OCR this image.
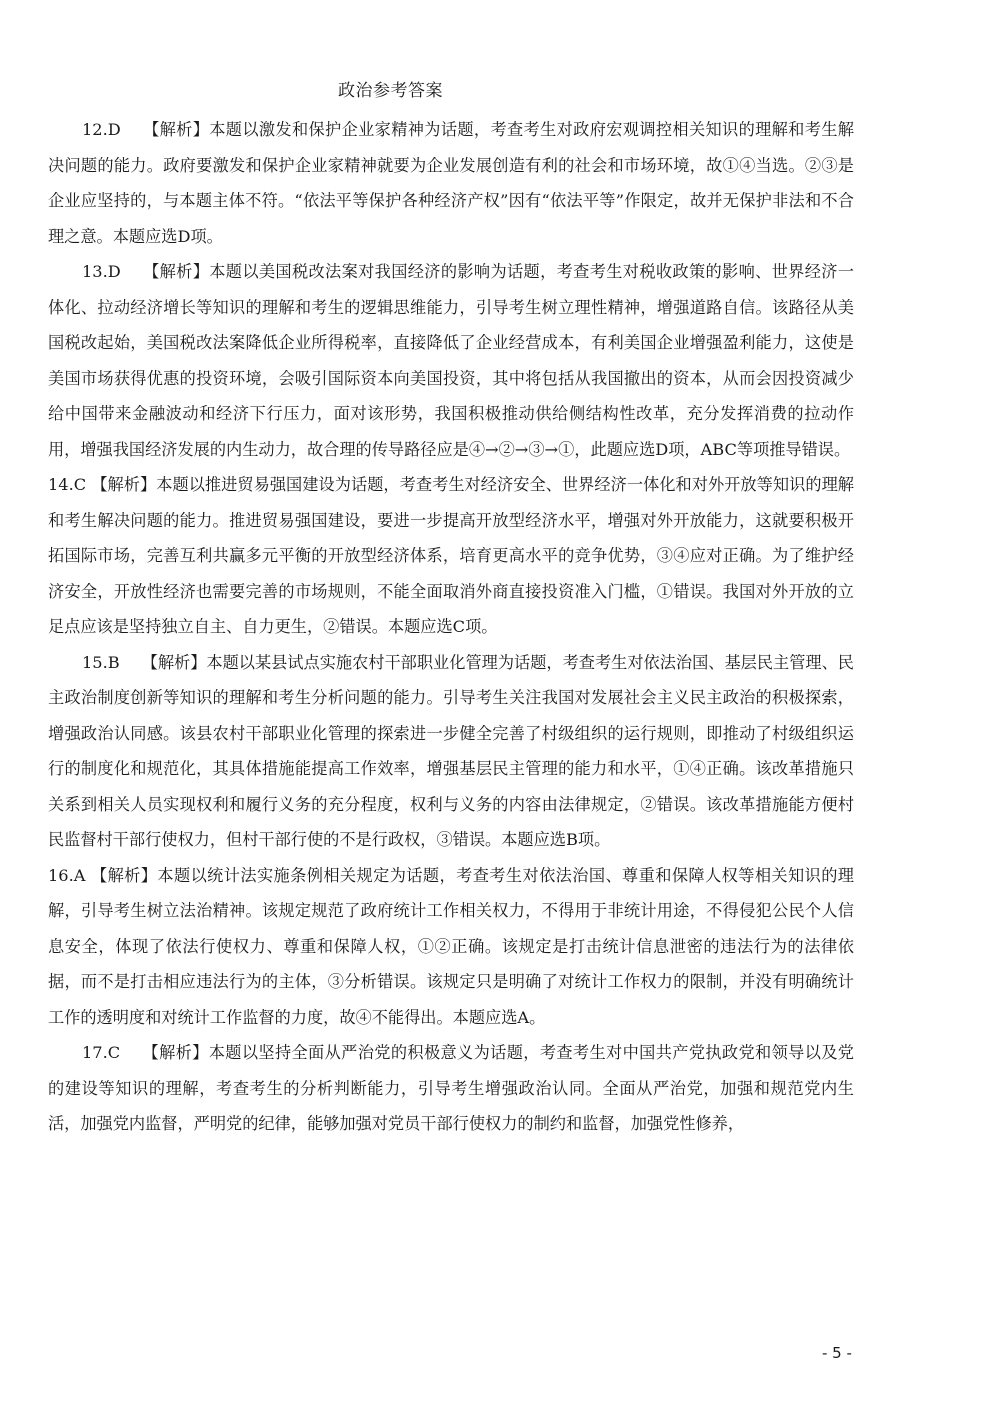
政治参考答案

12.D 【解析】本题以激发和保护企业家精神为话题，考查考生对政府宏观调控相关知识的理解和考生解决问题的能力。政府要激发和保护企业家精神就要为企业发展创造有利的社会和市场环境，故①④当选。②③是企业应坚持的，与本题主体不符。“依法平等保护各种经济产权”因有“依法平等”作限定，故并无保护非法和不合理之意。本题应选D项。

13.D 【解析】本题以美国税改法案对我国经济的影响为话题，考查考生对税收政策的影响、世界经济一体化、拉动经济增长等知识的理解和考生的逻辑思维能力，引导考生树立理性精神，增强道路自信。该路径从美国税改起始，美国税改法案降低企业所得税率，直接降低了企业经营成本，有利美国企业增强盈利能力，这使是美国市场获得优惠的投资环境，会吸引国际资本向美国投资，其中将包括从我国撤出的资本，从而会因投资减少给中国带来金融波动和经济下行压力，面对该形势，我国积极推动供给侧结构性改革，充分发挥消费的拉动作用，增强我国经济发展的内生动力，故合理的传导路径应是④→②→③→①，此题应选D项，ABC等项推导错误。

14.C 【解析】本题以推进贸易强国建设为话题，考查考生对经济安全、世界经济一体化和对外开放等知识的理解和考生解决问题的能力。推进贸易强国建设，要进一步提高开放型经济水平，增强对外开放能力，这就要积极开拓国际市场，完善互利共赢多元平衡的开放型经济体系，培育更高水平的竞争优势，③④应对正确。为了维护经济安全，开放性经济也需要完善的市场规则，不能全面取消外商直接投资准入门槛，①错误。我国对外开放的立足点应该是坚持独立自主、自力更生，②错误。本题应选C项。

15.B 【解析】本题以某县试点实施农村干部职业化管理为话题，考查考生对依法治国、基层民主管理、民主政治制度创新等知识的理解和考生分析问题的能力。引导考生关注我国对发展社会主义民主政治的积极探索，增强政治认同感。该县农村干部职业化管理的探索进一步健全完善了村级组织的运行规则，即推动了村级组织运行的制度化和规范化，其具体措施能提高工作效率，增强基层民主管理的能力和水平，①④正确。该改革措施只关系到相关人员实现权利和履行义务的充分程度，权利与义务的内容由法律规定，②错误。该改革措施能方便村民监督村干部行使权力，但村干部行使的不是行政权，③错误。本题应选B项。

16.A 【解析】本题以统计法实施条例相关规定为话题，考查考生对依法治国、尊重和保障人权等相关知识的理解，引导考生树立法治精神。该规定规范了政府统计工作相关权力，不得用于非统计用途，不得侵犯公民个人信息安全，体现了依法行使权力、尊重和保障人权，①②正确。该规定是打击统计信息泄密的违法行为的法律依据，而不是打击相应违法行为的主体，③分析错误。该规定只是明确了对统计工作权力的限制，并没有明确统计工作的透明度和对统计工作监督的力度，故④不能得出。本题应选A。

17.C 【解析】本题以坚持全面从严治党的积极意义为话题，考查考生对中国共产党执政党和领导以及党的建设等知识的理解，考查考生的分析判断能力，引导考生增强政治认同。全面从严治党，加强和规范党内生活，加强党内监督，严明党的纪律，能够加强对党员干部行使权力的制约和监督，加强党性修养，

- 5 -
